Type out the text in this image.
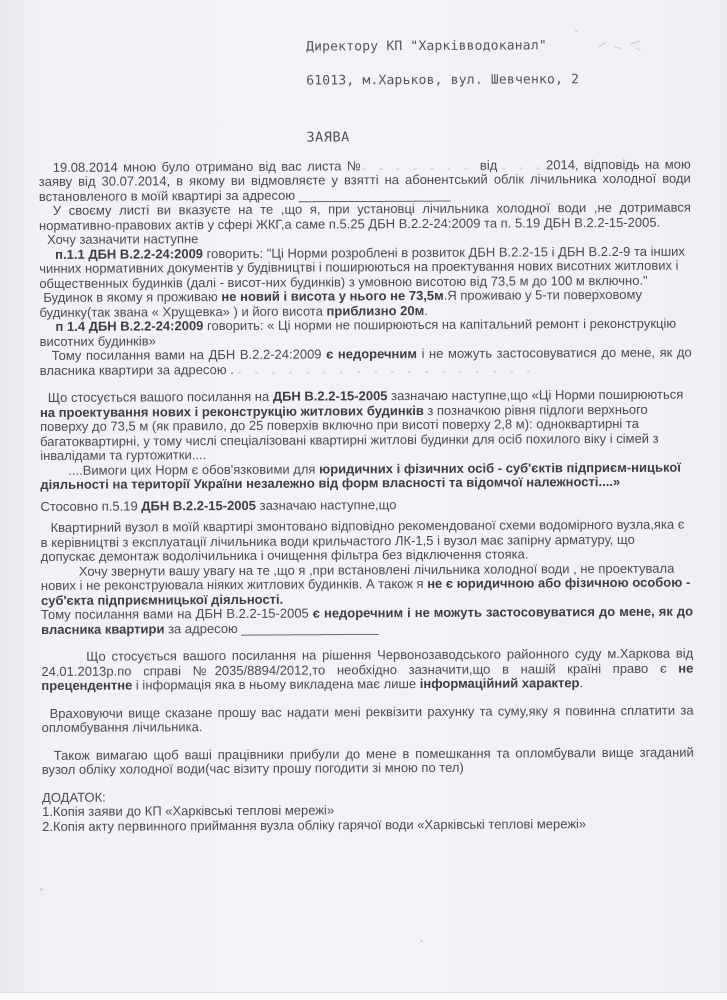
Директору КП "Харківводоканал"

61013, м.Харьков, вул. Шевченко, 2

ЗАЯВА

19.08.2014 мною було отримано від вас листа №	від	2014, відповідь на мою заяву від 30.07.2014, в якому ви відмовляєте у взятті на абонентський облік лічильника холодної води встановленого в моїй квартирі за адресою _____________________

У своєму листі ви вказуєте на те ,що я, при установці лічильника холодної води ,не дотримався нормативно-правових актів у сфері ЖКГ,а саме п.5.25 ДБН В.2.2-24:2009 та п. 5.19 ДБН В.2.2-15-2005.

Хочу зазначити наступне

п.1.1 ДБН В.2.2-24:2009 говорить: "Ці Норми розроблені в розвиток ДБН В.2.2-15 і ДБН В.2.2-9 та інших чинних нормативних документів у будівництві і поширюються на проектування нових висотних житлових і общественных будинків (далі - висот-них будинків) з умовною висотою від 73,5 м до 100 м включно."

Будинок в якому я проживаю не новий і висота у нього не 73,5м.Я проживаю у 5-ти поверховому будинку(так звана « Хрущевка» ) и його висота приблизно 20м.

п 1.4 ДБН В.2.2-24:2009 говорить: « Ці норми не поширюються на капітальний ремонт і реконструкцію висотних будинків»

Тому посилання вами на ДБН В.2.2-24:2009 є недоречним і не можуть застосовуватися до мене, як до власника квартири за адресою .

Що стосується вашого посилання на ДБН В.2.2-15-2005 зазначаю наступне,що «Ці Норми поширюються на проектування нових і реконструкцію житлових будинків з позначкою рівня підлоги верхнього поверху до 73,5 м (як правило, до 25 поверхів включно при висоті поверху 2,8 м): одноквартирні та багатоквартирні, у тому числі спеціалізовані квартирні житлові будинки для осіб похилого віку і сімей з інвалідами та гуртожитки....

....Вимоги цих Норм є обов'язковими для юридичних і фізичних осіб - суб'єктів підприєм-ницької діяльності на території України незалежно від форм власності та відомчої належності....»

Стосовно п.5.19 ДБН В.2.2-15-2005 зазначаю наступне,що

Квартирний вузол в моїй квартирі змонтовано відповідно рекомендованої схеми водомірного вузла,яка є в керівництві з експлуатації лічильника води крильчастого ЛК-1,5 і вузол має запірну арматуру, що допускає демонтаж водолічильника і очищення фільтра без відключення стояка.

Хочу звернути вашу увагу на те ,що я ,при встановлені лічильника холодної води , не проектувала нових і не реконструювала ніяких житлових будинків. А також я не є юридичною або фізичною особою - суб'єкта підприємницької діяльності.

Тому посилання вами на ДБН В.2.2-15-2005 є недоречним і не можуть застосовуватися до мене, як до власника квартири за адресою ___________________

Що стосується вашого посилання на рішення Червонозаводського районного суду м.Харкова від 24.01.2013р.по справі №2035/8894/2012,то необхідно зазначити,що в нашій країні право є не прецендентне і інформація яка в ньому викладена має лише інформаційний характер.

Враховуючи вище сказане прошу вас надати мені реквізити рахунку та суму,яку я повинна сплатити за опломбування лічильника.

Також вимагаю щоб ваші працівники прибули до мене в помешкання та опломбували вище згаданий вузол обліку холодної води(час візиту прошу погодити зі мною по тел)

ДОДАТОК:

1.Копія заяви до КП «Харківські теплові мережі»

2.Копія акту первинного приймання вузла обліку гарячої води «Харківські теплові мережі»
